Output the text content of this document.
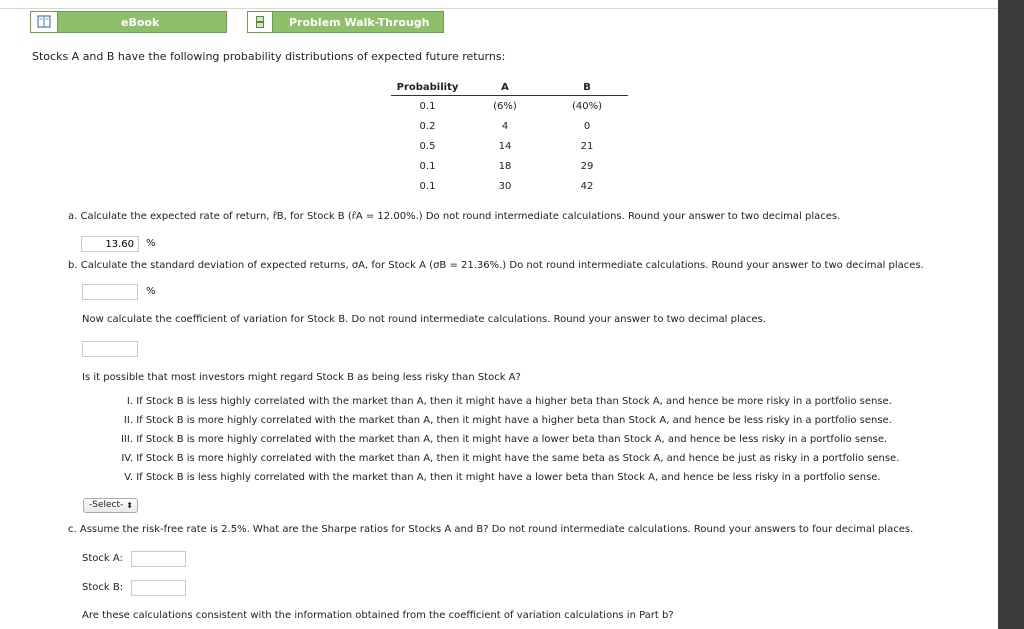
eBook	Problem Walk-Through
Stocks A and B have the following probability distributions of expected future returns:
Probability	A	B
0.1	(6%)	(40%)
0.2	4	0
0.5	14	21
0.1	18	29
0.1	30	42
a. Calculate the expected rate of return, r̂B, for Stock B (r̂A = 12.00%.) Do not round intermediate calculations. Round your answer to two decimal places.
13.60
%
b. Calculate the standard deviation of expected returns, σA, for Stock A (σB = 21.36%.) Do not round intermediate calculations. Round your answer to two decimal places.
%
Now calculate the coefficient of variation for Stock B. Do not round intermediate calculations. Round your answer to two decimal places.
Is it possible that most investors might regard Stock B as being less risky than Stock A?
I. If Stock B is less highly correlated with the market than A, then it might have a higher beta than Stock A, and hence be more risky in a portfolio sense.
II. If Stock B is more highly correlated with the market than A, then it might have a higher beta than Stock A, and hence be less risky in a portfolio sense.
III. If Stock B is more highly correlated with the market than A, then it might have a lower beta than Stock A, and hence be less risky in a portfolio sense.
IV. If Stock B is more highly correlated with the market than A, then it might have the same beta as Stock A, and hence be just as risky in a portfolio sense.
V. If Stock B is less highly correlated with the market than A, then it might have a lower beta than Stock A, and hence be less risky in a portfolio sense.
-Select- ⬍
c. Assume the risk-free rate is 2.5%. What are the Sharpe ratios for Stocks A and B? Do not round intermediate calculations. Round your answers to four decimal places.
Stock A:
Stock B:
Are these calculations consistent with the information obtained from the coefficient of variation calculations in Part b?
